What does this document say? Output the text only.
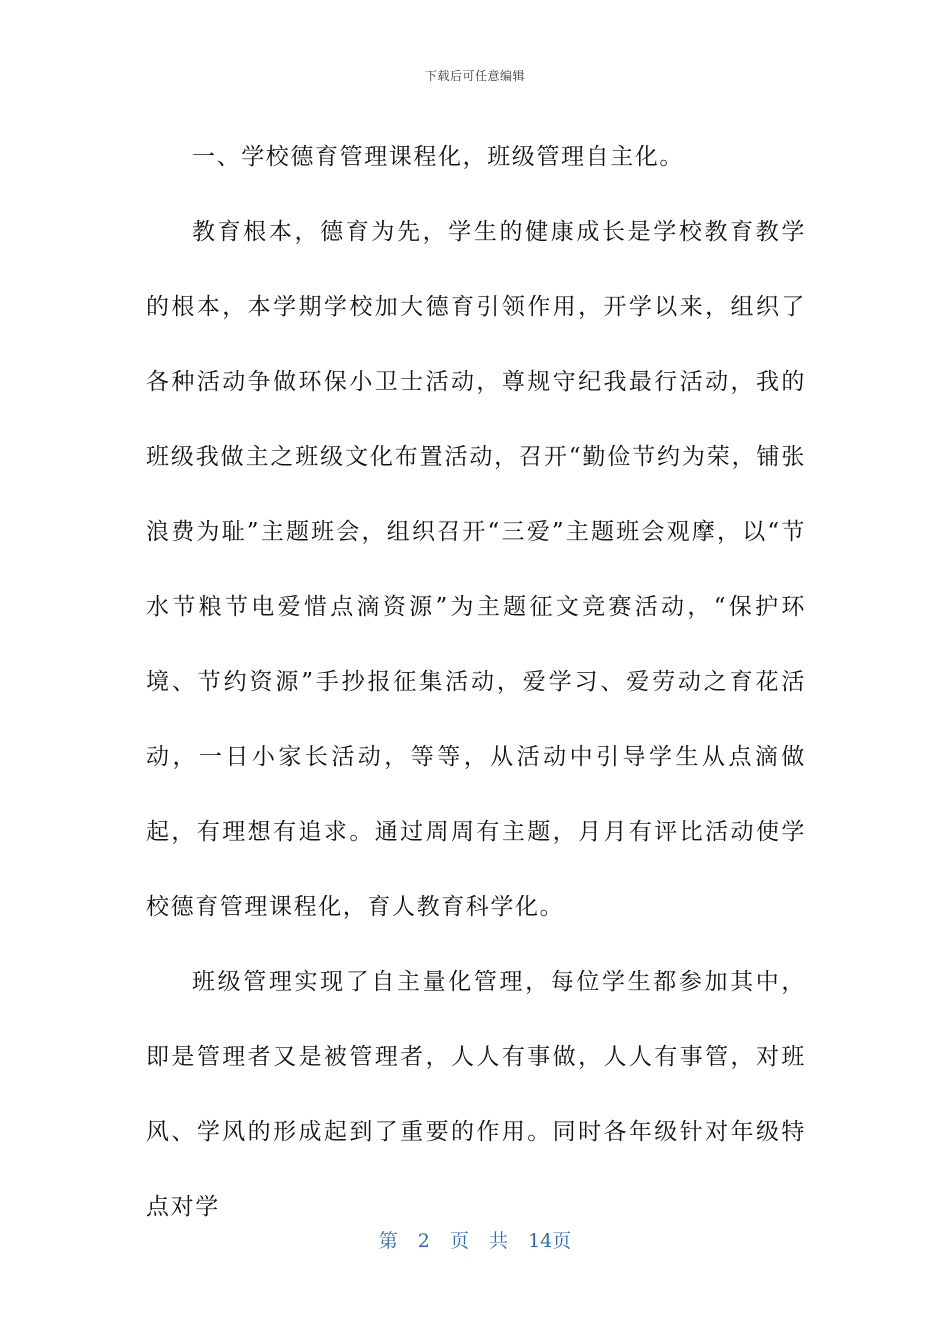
下载后可任意编辑

一、学校德育管理课程化，班级管理自主化。

教育根本，德育为先，学生的健康成长是学校教育教学的根本，本学期学校加大德育引领作用，开学以来，组织了各种活动争做环保小卫士活动，尊规守纪我最行活动，我的班级我做主之班级文化布置活动，召开“勤俭节约为荣，铺张浪费为耻”主题班会，组织召开“三爱”主题班会观摩，以“节水节粮节电爱惜点滴资源”为主题征文竞赛活动，“保护环境、节约资源”手抄报征集活动，爱学习、爱劳动之育花活动，一日小家长活动，等等，从活动中引导学生从点滴做起，有理想有追求。通过周周有主题，月月有评比活动使学校德育管理课程化，育人教育科学化。

班级管理实现了自主量化管理，每位学生都参加其中，即是管理者又是被管理者，人人有事做，人人有事管，对班风、学风的形成起到了重要的作用。同时各年级针对年级特点对学

第 2 页 共 14页
